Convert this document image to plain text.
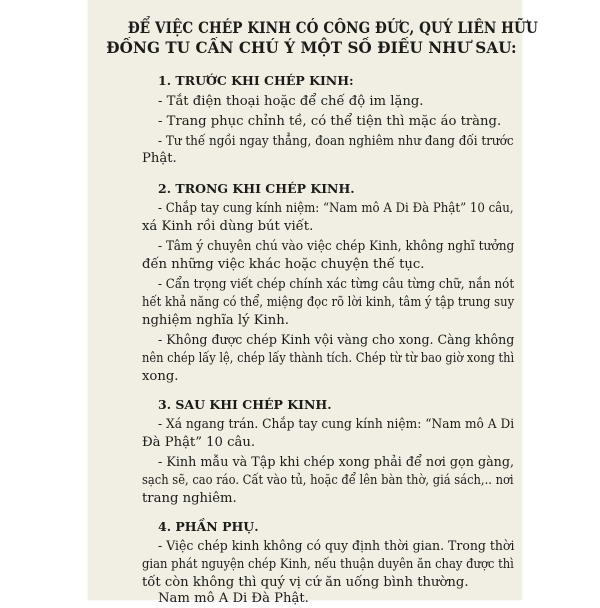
ĐỂ VIỆC CHÉP KINH CÓ CÔNG ĐỨC, QUÝ LIÊN HỮU
ĐỒNG TU CẦN CHÚ Ý MỘT SỐ ĐIỀU NHƯ SAU:
1. TRƯỚC KHI CHÉP KINH:
- Tắt điện thoại hoặc để chế độ im lặng.
- Trang phục chỉnh tề, có thể tiện thì mặc áo tràng.
- Tư thế ngồi ngay thẳng, đoan nghiêm như đang đối trước
Phật.
2. TRONG KHI CHÉP KINH.
- Chắp tay cung kính niệm: “Nam mô A Di Đà Phật” 10 câu,
xá Kinh rồi dùng bút viết.
- Tâm ý chuyên chú vào việc chép Kinh, không nghĩ tưởng
đến những việc khác hoặc chuyện thế tục.
- Cẩn trọng viết chép chính xác từng câu từng chữ, nắn nót
hết khả năng có thể, miệng đọc rõ lời kinh, tâm ý tập trung suy
nghiệm nghĩa lý Kinh.
- Không được chép Kinh vội vàng cho xong. Càng không
nên chép lấy lệ, chép lấy thành tích. Chép từ từ bao giờ xong thì
xong.
3. SAU KHI CHÉP KINH.
- Xá ngang trán. Chắp tay cung kính niệm: “Nam mô A Di
Đà Phật” 10 câu.
- Kinh mẫu và Tập khi chép xong phải để nơi gọn gàng,
sạch sẽ, cao ráo. Cất vào tủ, hoặc để lên bàn thờ, giá sách,.. nơi
trang nghiêm.
4. PHẦN PHỤ.
- Việc chép kinh không có quy định thời gian. Trong thời
gian phát nguyện chép Kinh, nếu thuận duyên ăn chay được thì
tốt còn không thì quý vị cứ ăn uống bình thường.
Nam mô A Di Đà Phật.
